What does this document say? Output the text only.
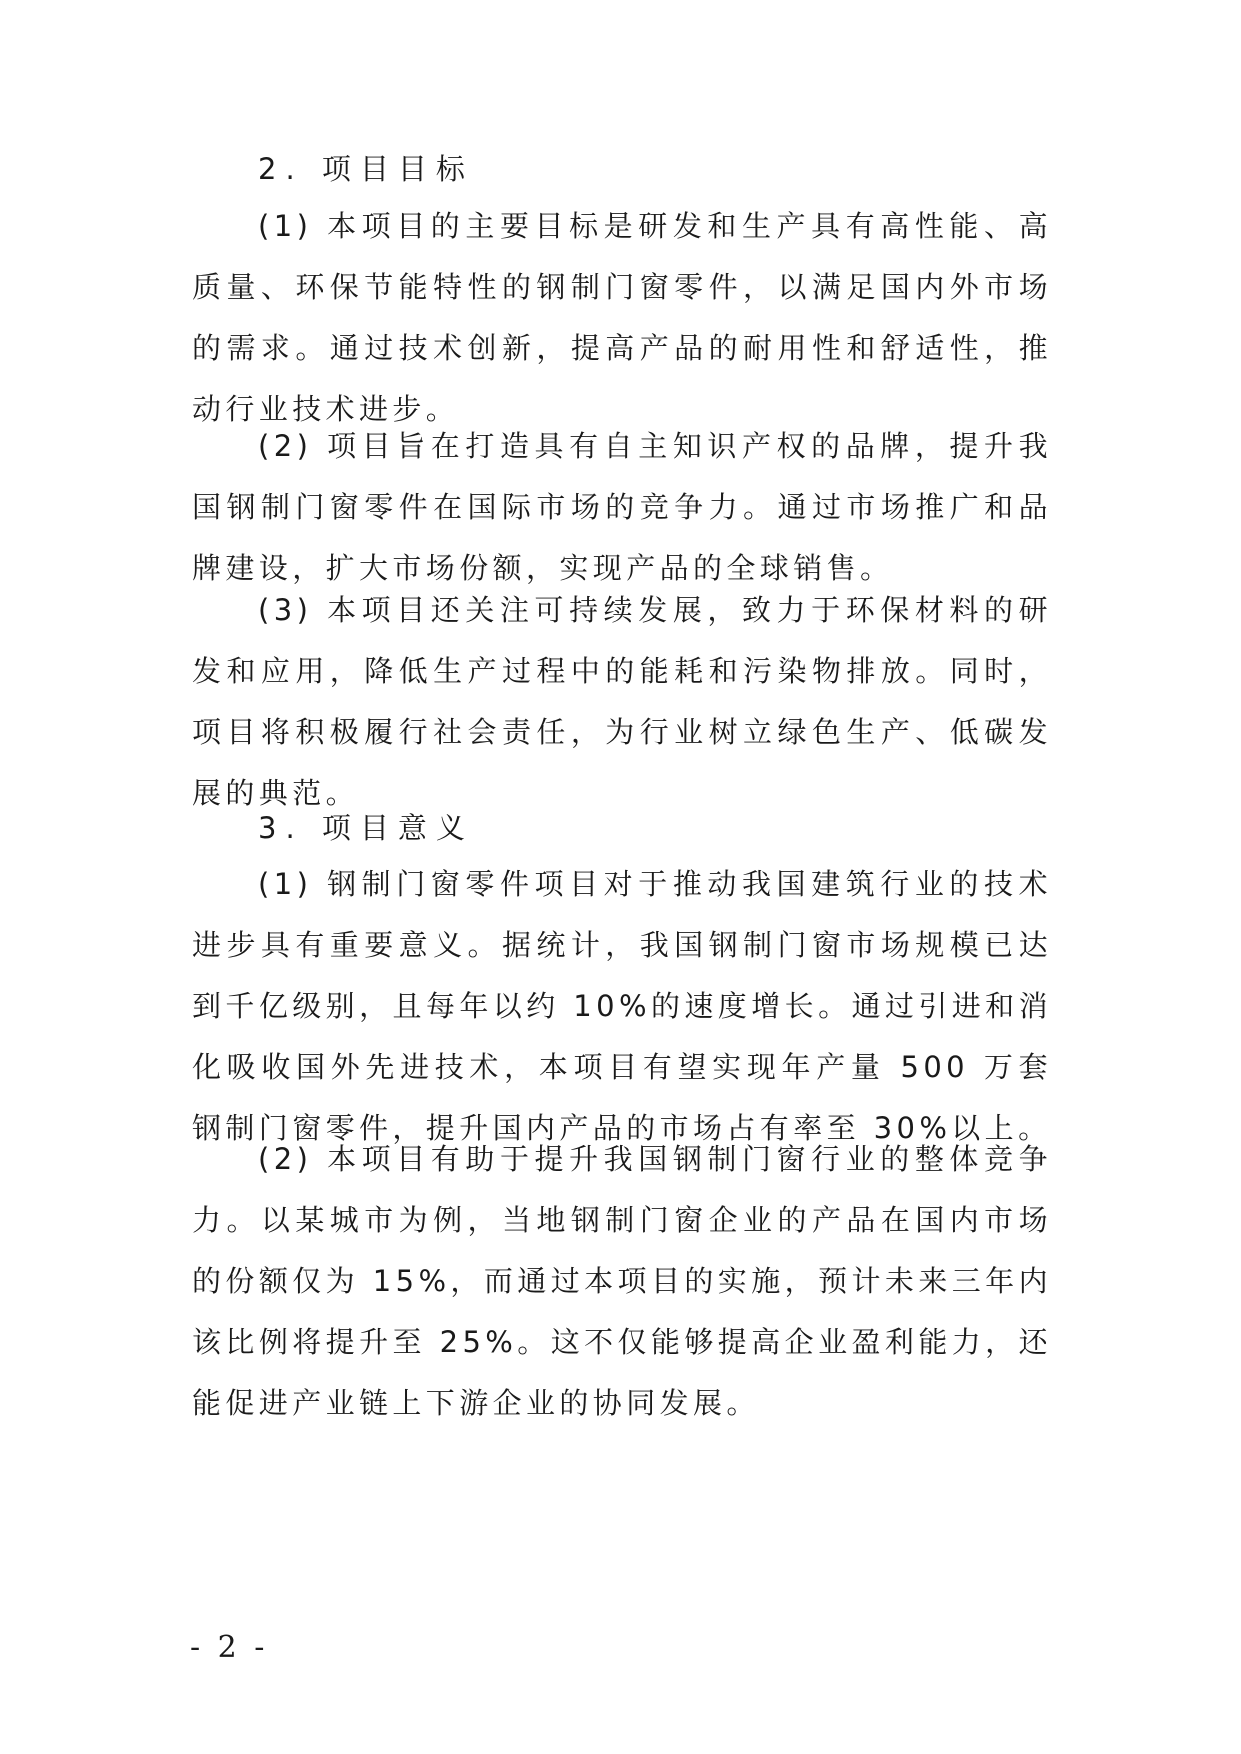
2. 项目目标

(1) 本项目的主要目标是研发和生产具有高性能、高质量、环保节能特性的钢制门窗零件，以满足国内外市场的需求。通过技术创新，提高产品的耐用性和舒适性，推动行业技术进步。

(2) 项目旨在打造具有自主知识产权的品牌，提升我国钢制门窗零件在国际市场的竞争力。通过市场推广和品牌建设，扩大市场份额，实现产品的全球销售。

(3) 本项目还关注可持续发展，致力于环保材料的研发和应用，降低生产过程中的能耗和污染物排放。同时，项目将积极履行社会责任，为行业树立绿色生产、低碳发展的典范。

3. 项目意义

(1) 钢制门窗零件项目对于推动我国建筑行业的技术进步具有重要意义。据统计，我国钢制门窗市场规模已达到千亿级别，且每年以约 10%的速度增长。通过引进和消化吸收国外先进技术，本项目有望实现年产量 500 万套钢制门窗零件，提升国内产品的市场占有率至 30%以上。

(2) 本项目有助于提升我国钢制门窗行业的整体竞争力。以某城市为例，当地钢制门窗企业的产品在国内市场的份额仅为 15%，而通过本项目的实施，预计未来三年内该比例将提升至 25%。这不仅能够提高企业盈利能力，还能促进产业链上下游企业的协同发展。

- 2 -
